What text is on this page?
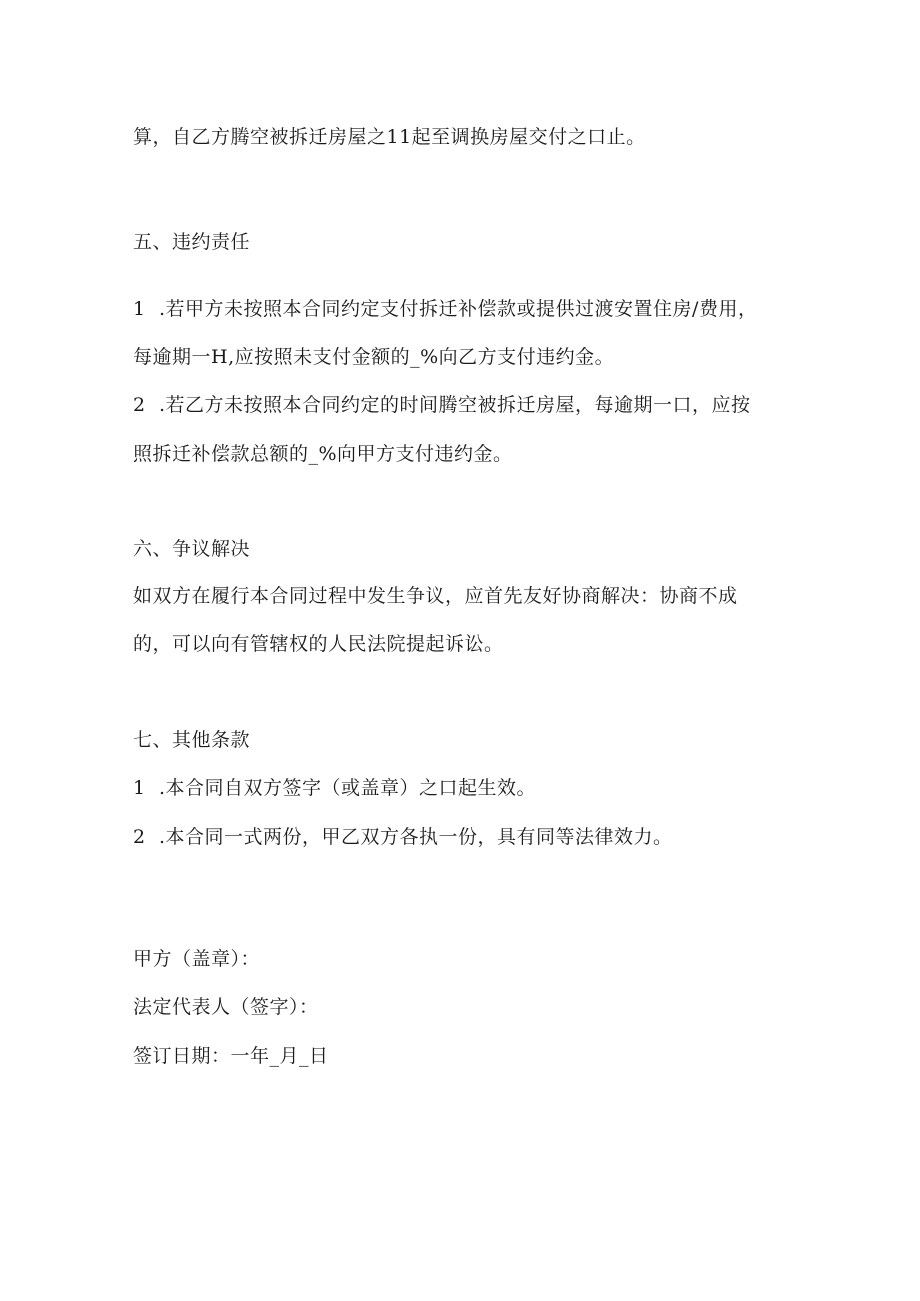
算，自乙方腾空被拆迁房屋之11起至调换房屋交付之口止。
五、违约责任
1 .若甲方未按照本合同约定支付拆迁补偿款或提供过渡安置住房/费用，
每逾期一H,应按照未支付金额的_%向乙方支付违约金。
2 .若乙方未按照本合同约定的时间腾空被拆迁房屋，每逾期一口，应按
照拆迁补偿款总额的_%向甲方支付违约金。
六、争议解决
如双方在履行本合同过程中发生争议，应首先友好协商解决：协商不成
的，可以向有管辖权的人民法院提起诉讼。
七、其他条款
1 .本合同自双方签字（或盖章）之口起生效。
2 .本合同一式两份，甲乙双方各执一份，具有同等法律效力。
甲方（盖章）：
法定代表人（签字）：
签订日期：一年_月_日
